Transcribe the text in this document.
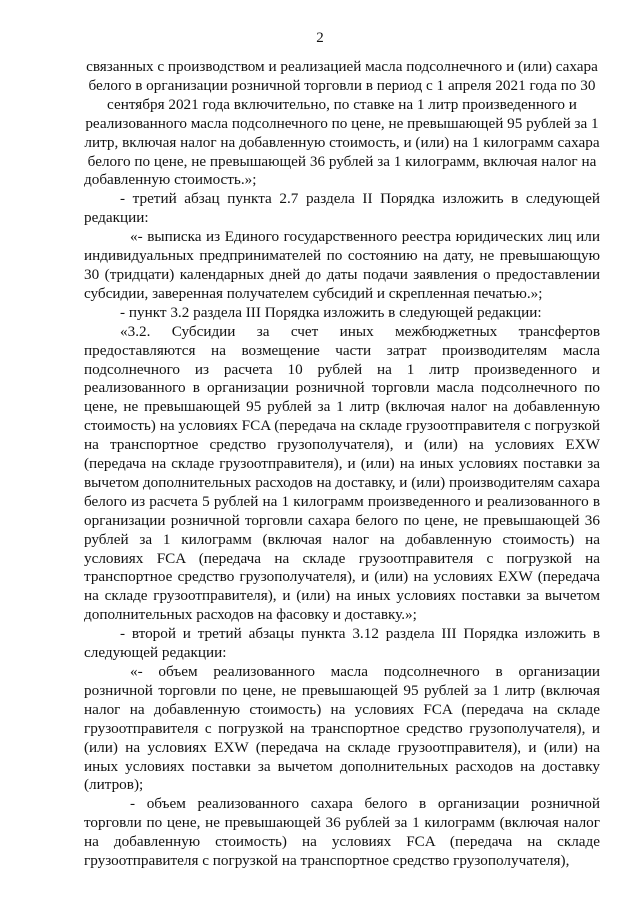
2

связанных с производством и реализацией масла подсолнечного и (или) сахара белого в организации розничной торговли в период с 1 апреля 2021 года по 30 сентября 2021 года включительно, по ставке на 1 литр произведенного и реализованного масла подсолнечного по цене, не превышающей 95 рублей за 1 литр, включая налог на добавленную стоимость, и (или) на 1 килограмм сахара белого по цене, не превышающей 36 рублей за 1 килограмм, включая налог на добавленную стоимость.»;

- третий абзац пункта 2.7 раздела II Порядка изложить в следующей редакции:

«- выписка из Единого государственного реестра юридических лиц или индивидуальных предпринимателей по состоянию на дату, не превышающую 30 (тридцати) календарных дней до даты подачи заявления о предоставлении субсидии, заверенная получателем субсидий и скрепленная печатью.»;

- пункт 3.2 раздела III Порядка изложить в следующей редакции:

«3.2. Субсидии за счет иных межбюджетных трансфертов предоставляются на возмещение части затрат производителям масла подсолнечного из расчета 10 рублей на 1 литр произведенного и реализованного в организации розничной торговли масла подсолнечного по цене, не превышающей 95 рублей за 1 литр (включая налог на добавленную стоимость) на условиях FCA (передача на складе грузоотправителя с погрузкой на транспортное средство грузополучателя), и (или) на условиях EXW (передача на складе грузоотправителя), и (или) на иных условиях поставки за вычетом дополнительных расходов на доставку, и (или) производителям сахара белого из расчета 5 рублей на 1 килограмм произведенного и реализованного в организации розничной торговли сахара белого по цене, не превышающей 36 рублей за 1 килограмм (включая налог на добавленную стоимость) на условиях FCA (передача на складе грузоотправителя с погрузкой на транспортное средство грузополучателя), и (или) на условиях EXW (передача на складе грузоотправителя), и (или) на иных условиях поставки за вычетом дополнительных расходов на фасовку и доставку.»;

- второй и третий абзацы пункта 3.12 раздела III Порядка изложить в следующей редакции:

«- объем реализованного масла подсолнечного в организации розничной торговли по цене, не превышающей 95 рублей за 1 литр (включая налог на добавленную стоимость) на условиях FCA (передача на складе грузоотправителя с погрузкой на транспортное средство грузополучателя), и (или) на условиях EXW (передача на складе грузоотправителя), и (или) на иных условиях поставки за вычетом дополнительных расходов на доставку (литров);

- объем реализованного сахара белого в организации розничной торговли по цене, не превышающей 36 рублей за 1 килограмм (включая налог на добавленную стоимость) на условиях FCA (передача на складе грузоотправителя с погрузкой на транспортное средство грузополучателя),
